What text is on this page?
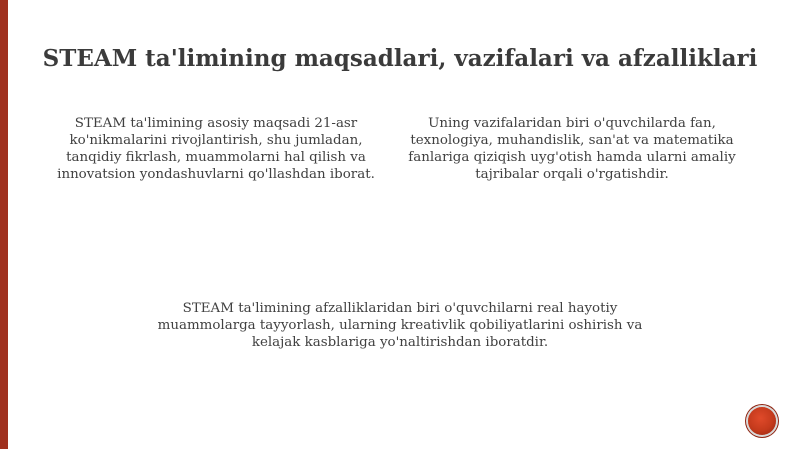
STEAM ta'limining maqsadlari, vazifalari va afzalliklari
STEAM ta'limining asosiy maqsadi 21-asr ko'nikmalarini rivojlantirish, shu jumladan, tanqidiy fikrlash, muammolarni hal qilish va innovatsion yondashuvlarni qo'llashdan iborat.
Uning vazifalaridan biri o'quvchilarda fan, texnologiya, muhandislik, san'at va matematika fanlariga qiziqish uyg'otish hamda ularni amaliy tajribalar orqali o'rgatishdir.
STEAM ta'limining afzalliklaridan biri o'quvchilarni real hayotiy muammolarga tayyorlash, ularning kreativlik qobiliyatlarini oshirish va kelajak kasblariga yo'naltirishdan iboratdir.
